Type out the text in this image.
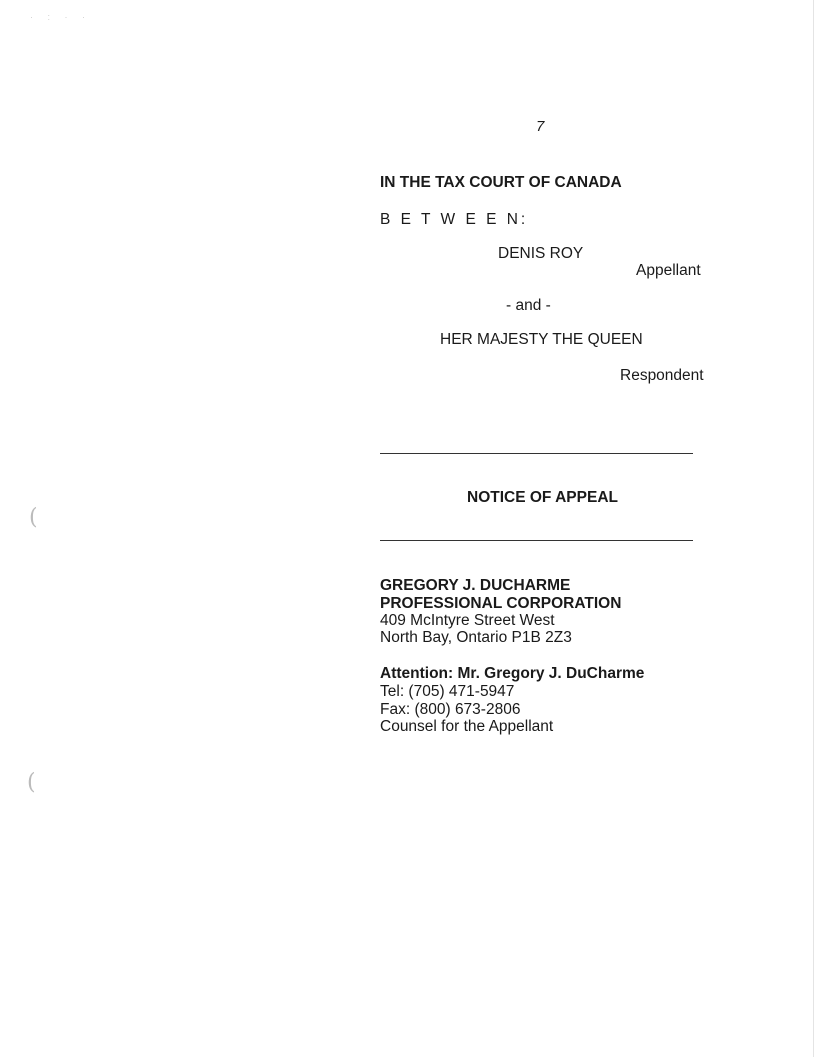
· : · ·
7
IN THE TAX COURT OF CANADA
B E T W E E N:
DENIS ROY
Appellant
- and -
HER MAJESTY THE QUEEN
Respondent
NOTICE OF APPEAL
GREGORY J. DUCHARME
PROFESSIONAL CORPORATION
409 McIntyre Street West
North Bay, Ontario P1B 2Z3
Attention: Mr. Gregory J. DuCharme
Tel: (705) 471-5947
Fax: (800) 673-2806
Counsel for the Appellant
(
(
